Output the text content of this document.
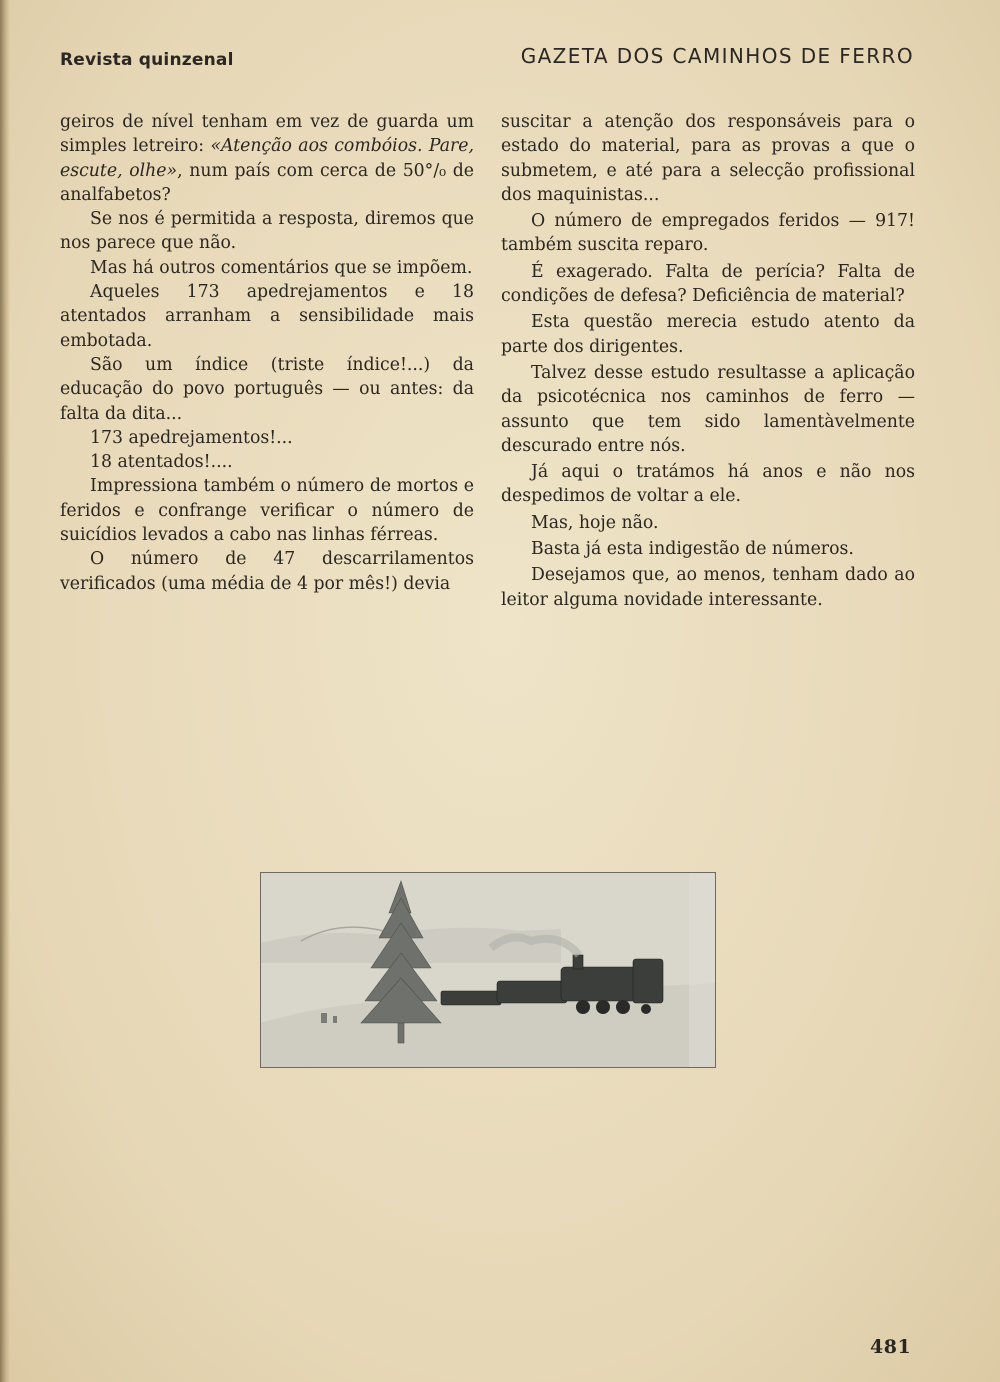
Revista quinzenal	GAZETA DOS CAMINHOS DE FERRO

geiros de nível tenham em vez de guarda um simples letreiro: «Atenção aos combóios. Pare, escute, olhe», num país com cerca de 50°/₀ de analfabetos?

Se nos é permitida a resposta, diremos que nos parece que não.

Mas há outros comentários que se impõem.

Aqueles 173 apedrejamentos e 18 atentados arranham a sensibilidade mais embotada.

São um índice (triste índice!...) da educação do povo português — ou antes: da falta da dita...

173 apedrejamentos!...

18 atentados!....

Impressiona também o número de mortos e feridos e confrange verificar o número de suicídios levados a cabo nas linhas férreas.

O número de 47 descarrilamentos verificados (uma média de 4 por mês!) devia

suscitar a atenção dos responsáveis para o estado do material, para as provas a que o submetem, e até para a selecção profissional dos maquinistas...

O número de empregados feridos — 917! também suscita reparo.

É exagerado. Falta de perícia? Falta de condições de defesa? Deficiência de material?

Esta questão merecia estudo atento da parte dos dirigentes.

Talvez desse estudo resultasse a aplicação da psicotécnica nos caminhos de ferro — assunto que tem sido lamentàvelmente descurado entre nós.

Já aqui o tratámos há anos e não nos despedimos de voltar a ele.

Mas, hoje não.

Basta já esta indigestão de números.

Desejamos que, ao menos, tenham dado ao leitor alguma novidade interessante.

481
